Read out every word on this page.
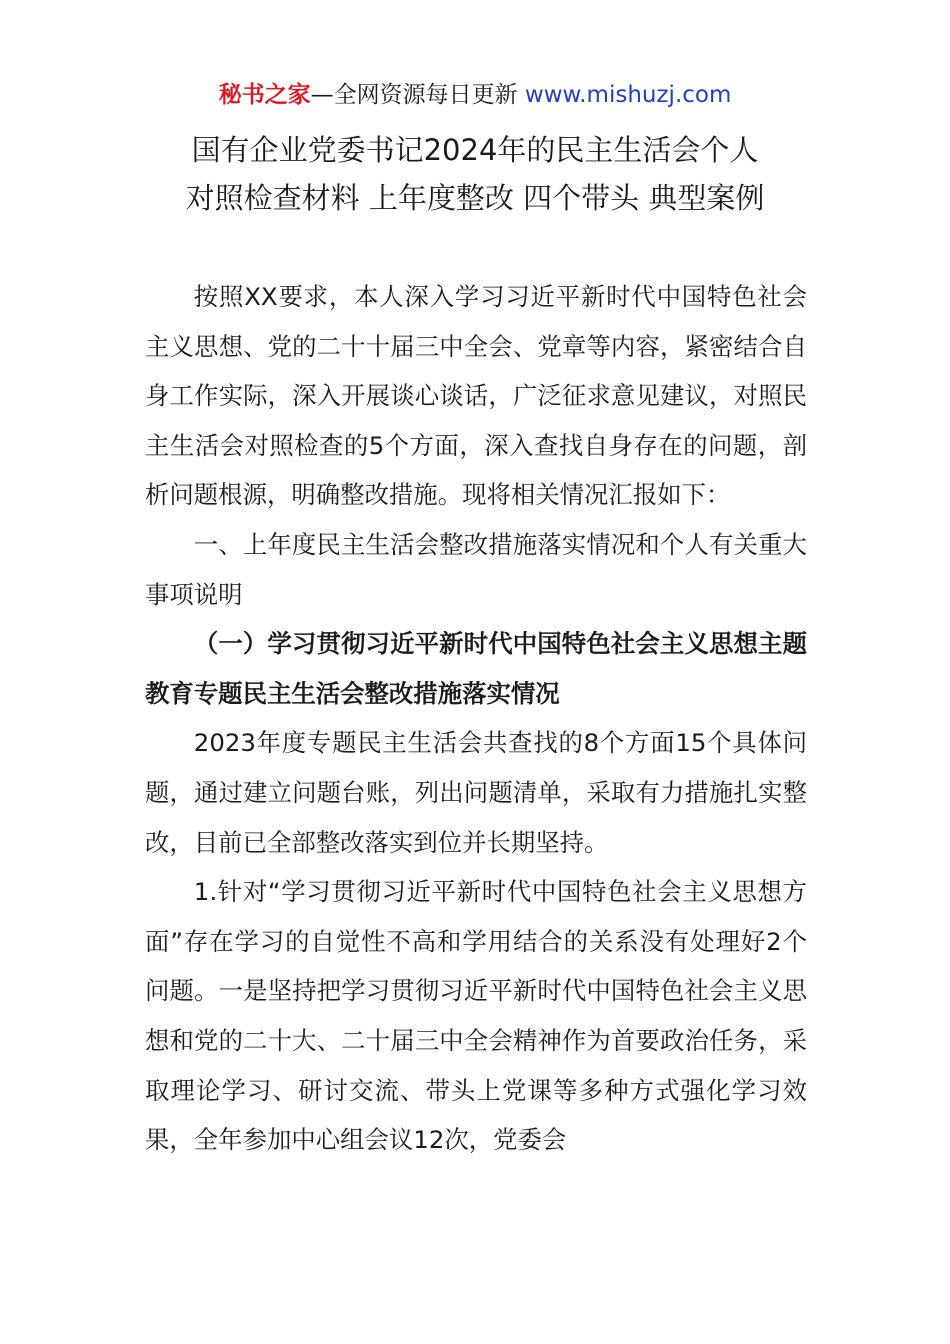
秘书之家—全网资源每日更新 www.mishuzj.com
国有企业党委书记2024年的民主生活会个人
对照检查材料 上年度整改 四个带头 典型案例

按照XX要求，本人深入学习习近平新时代中国特色社会主义思想、党的二十十届三中全会、党章等内容，紧密结合自身工作实际，深入开展谈心谈话，广泛征求意见建议，对照民主生活会对照检查的5个方面，深入查找自身存在的问题，剖析问题根源，明确整改措施。现将相关情况汇报如下：

一、上年度民主生活会整改措施落实情况和个人有关重大事项说明

（一）学习贯彻习近平新时代中国特色社会主义思想主题教育专题民主生活会整改措施落实情况

2023年度专题民主生活会共查找的8个方面15个具体问题，通过建立问题台账，列出问题清单，采取有力措施扎实整改，目前已全部整改落实到位并长期坚持。

1.针对“学习贯彻习近平新时代中国特色社会主义思想方面”存在学习的自觉性不高和学用结合的关系没有处理好2个问题。一是坚持把学习贯彻习近平新时代中国特色社会主义思想和党的二十大、二十届三中全会精神作为首要政治任务，采取理论学习、研讨交流、带头上党课等多种方式强化学习效果，全年参加中心组会议12次，党委会
